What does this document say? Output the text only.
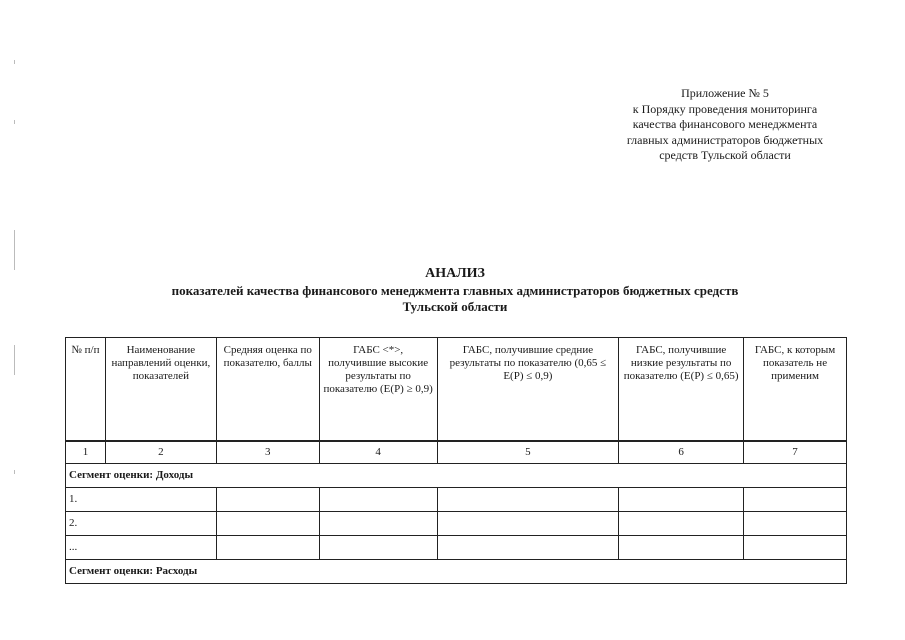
Приложение № 5
к Порядку проведения мониторинга
качества финансового менеджмента
главных администраторов бюджетных
средств Тульской области
АНАЛИЗ
показателей качества финансового менеджмента главных администраторов бюджетных средств
Тульской области
№ п/п	Наименование направлений оценки, показателей	Средняя оценка по показателю, баллы	ГАБС <*>, получившие высокие результаты по показателю (Е(Р) ≥ 0,9)	ГАБС, получившие средние результаты по показателю (0,65 ≤ Е(Р) ≤ 0,9)	ГАБС, получившие низкие результаты по показателю (Е(Р) ≤ 0,65)	ГАБС, к которым показатель не применим
1	2	3	4	5	6	7
Сегмент оценки: Доходы						
1.						
2.						
...						
Сегмент оценки: Расходы						
